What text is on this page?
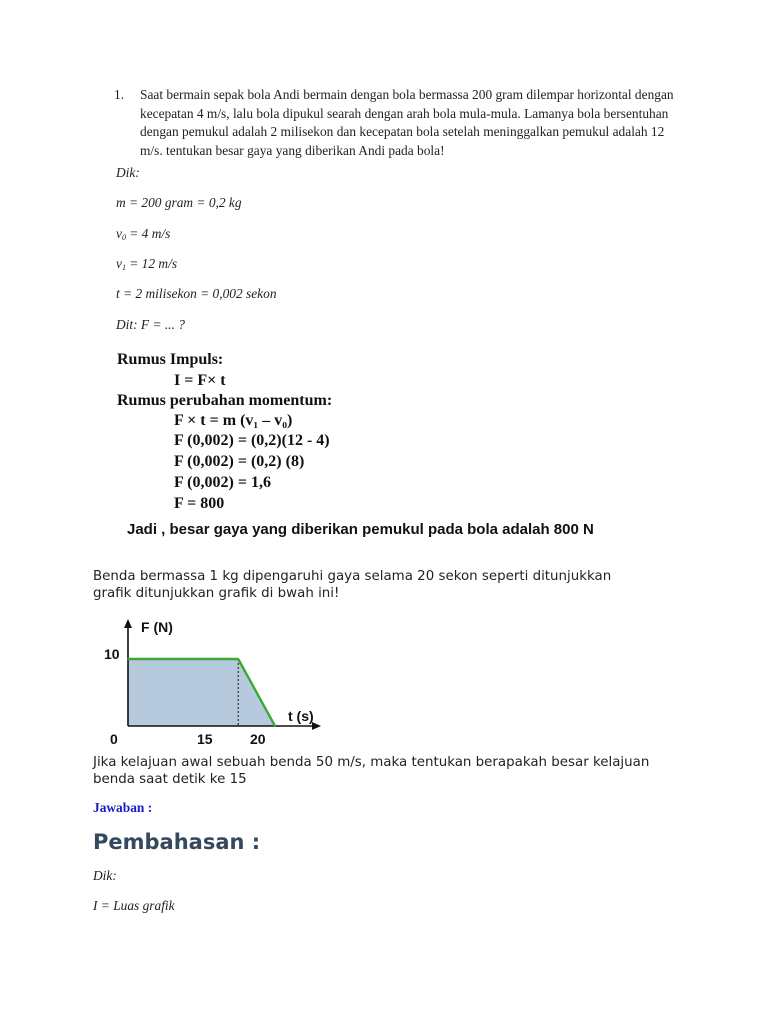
1. Saat bermain sepak bola Andi bermain dengan bola bermassa 200 gram dilempar horizontal dengan kecepatan 4 m/s, lalu bola dipukul searah dengan arah bola mula-mula. Lamanya bola bersentuhan dengan pemukul adalah 2 milisekon dan kecepatan bola setelah meninggalkan pemukul adalah 12 m/s. tentukan besar gaya yang diberikan Andi pada bola!
Dik:
m = 200 gram = 0,2 kg
$v_0 = 4$ m/s
$v_1 = 12$ m/s
t = 2 milisekon = 0,002 sekon
Dit: F = ... ?
Rumus Impuls:
I = F× t
Rumus perubahan momentum:
F × t = m (v₁ – v₀)
F (0,002) = (0,2)(12 - 4)
F (0,002) = (0,2) (8)
F (0,002) = 1,6
F = 800
Jadi , besar gaya yang diberikan pemukul pada bola adalah 800 N
Benda bermassa 1 kg dipengaruhi gaya selama 20 sekon seperti ditunjukkan grafik ditunjukkan grafik di bwah ini!
10
F (N)
t (s)
0	15	20
Jika kelajuan awal sebuah benda 50 m/s, maka tentukan berapakah besar kelajuan benda saat detik ke 15
Jawaban :
Pembahasan :
Dik:
I = Luas grafik
